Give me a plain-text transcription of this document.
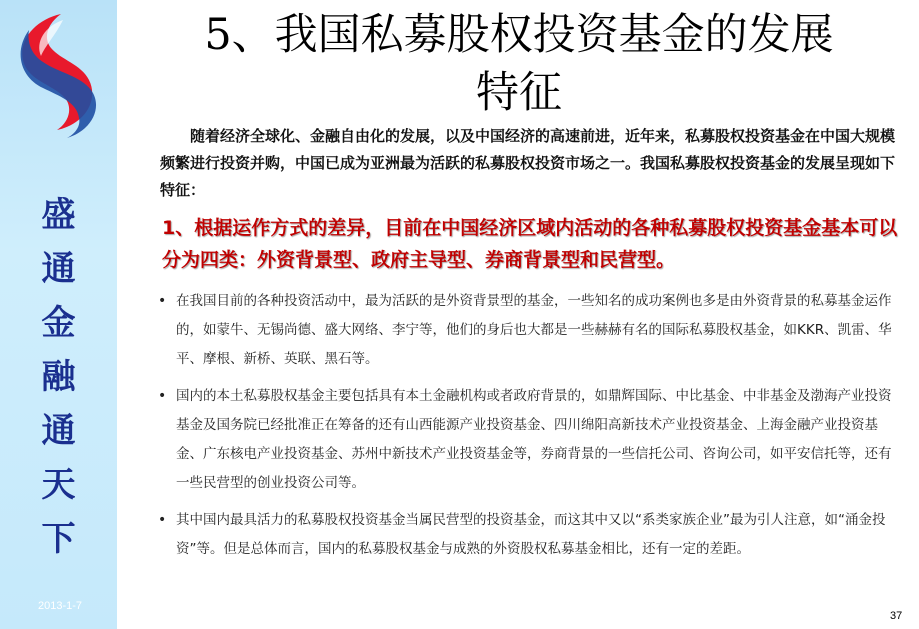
盛
通
金
融
通
天
下
2013-1-7
5、我国私募股权投资基金的发展
特征
随着经济全球化、金融自由化的发展，以及中国经济的高速前进，近年来，私募股权投资基金在中国大规模频繁进行投资并购，中国已成为亚洲最为活跃的私募股权投资市场之一。我国私募股权投资基金的发展呈现如下特征：
1、根据运作方式的差异，目前在中国经济区域内活动的各种私募股权投资基金基本可以分为四类：外资背景型、政府主导型、券商背景型和民营型。
• 在我国目前的各种投资活动中，最为活跃的是外资背景型的基金，一些知名的成功案例也多是由外资背景的私募基金运作的，如蒙牛、无锡尚德、盛大网络、李宁等，他们的身后也大都是一些赫赫有名的国际私募股权基金，如KKR、凯雷、华平、摩根、新桥、英联、黑石等。
• 国内的本土私募股权基金主要包括具有本土金融机构或者政府背景的，如鼎辉国际、中比基金、中非基金及渤海产业投资基金及国务院已经批准正在筹备的还有山西能源产业投资基金、四川绵阳高新技术产业投资基金、上海金融产业投资基金、广东核电产业投资基金、苏州中新技术产业投资基金等，券商背景的一些信托公司、咨询公司，如平安信托等，还有一些民营型的创业投资公司等。
• 其中国内最具活力的私募股权投资基金当属民营型的投资基金，而这其中又以“系类家族企业”最为引人注意，如“涌金投资”等。但是总体而言，国内的私募股权基金与成熟的外资股权私募基金相比，还有一定的差距。
37
